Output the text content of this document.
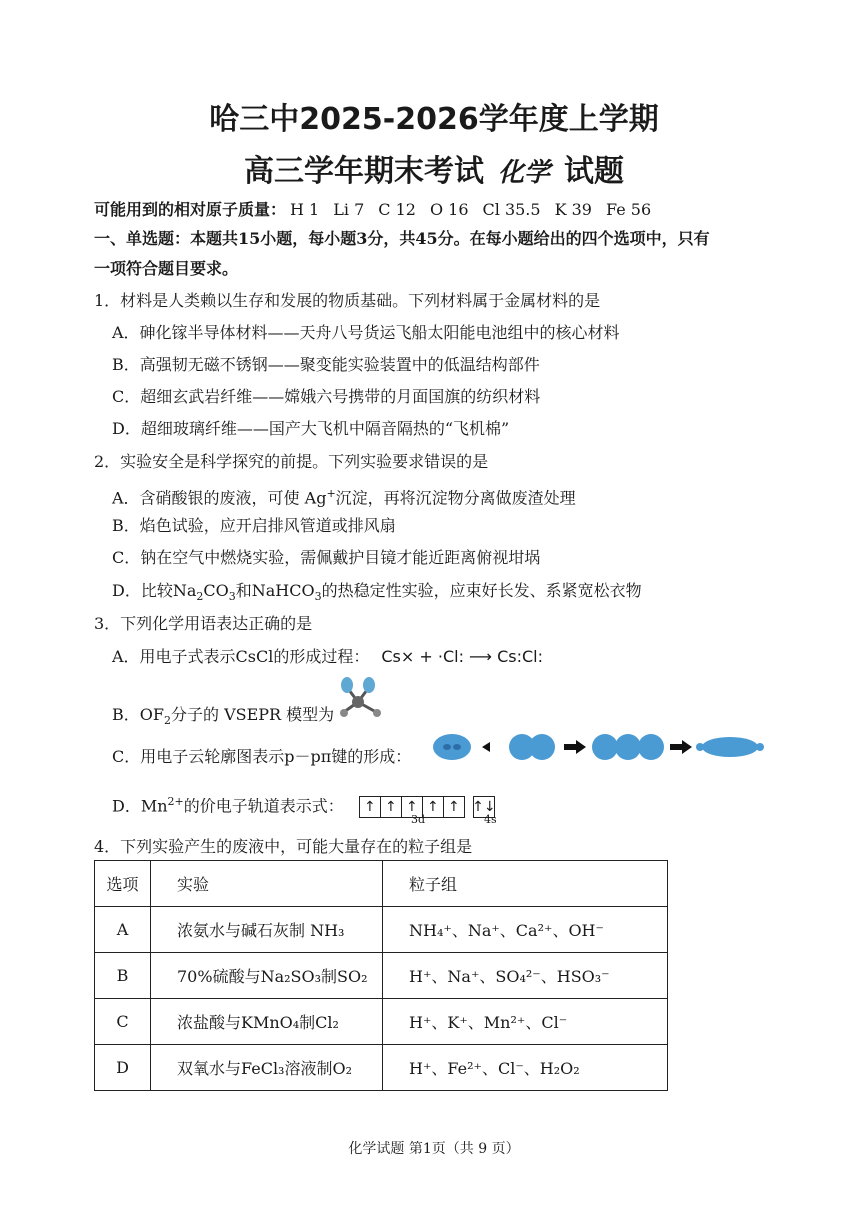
哈三中2025-2026学年度上学期
高三学年期末考试 化学 试题
可能用到的相对原子质量： H 1 Li 7 C 12 O 16 Cl 35.5 K 39 Fe 56
一、单选题：本题共15小题，每小题3分，共45分。在每小题给出的四个选项中，只有
一项符合题目要求。
1．材料是人类赖以生存和发展的物质基础。下列材料属于金属材料的是
A．砷化镓半导体材料——天舟八号货运飞船太阳能电池组中的核心材料
B．高强韧无磁不锈钢——聚变能实验装置中的低温结构部件
C．超细玄武岩纤维——嫦娥六号携带的月面国旗的纺织材料
D．超细玻璃纤维——国产大飞机中隔音隔热的“飞机棉”
2．实验安全是科学探究的前提。下列实验要求错误的是
A．含硝酸银的废液，可使 Ag+沉淀，再将沉淀物分离做废渣处理
B．焰色试验，应开启排风管道或排风扇
C．钠在空气中燃烧实验，需佩戴护目镜才能近距离俯视坩埚
D．比较$Na_2CO_3$和NaHCO$_3$的热稳定性实验，应束好长发、系紧宽松衣物
3．下列化学用语表达正确的是
A．用电子式表示CsCl的形成过程： Cs× + ·Cl: ⟶ Cs:Cl:
B．$OF_2$分子的 VSEPR 模型为
C．用电子云轮廓图表示p－pπ键的形成：
D．$Mn^{2+}$的价电子轨道表示式：	↑ ↑ ↑ ↑ ↑ ↑↓
3d	4s
4．下列实验产生的废液中，可能大量存在的粒子组是
选项	实验	粒子组
A	浓氨水与碱石灰制 NH₃	NH₄⁺、Na⁺、Ca²⁺、OH⁻
B	70%硫酸与Na₂SO₃制SO₂	H⁺、Na⁺、SO₄²⁻、HSO₃⁻
C	浓盐酸与KMnO₄制Cl₂	H⁺、K⁺、Mn²⁺、Cl⁻
D	双氧水与FeCl₃溶液制O₂	H⁺、Fe²⁺、Cl⁻、H₂O₂
化学试题 第1页（共 9 页）
